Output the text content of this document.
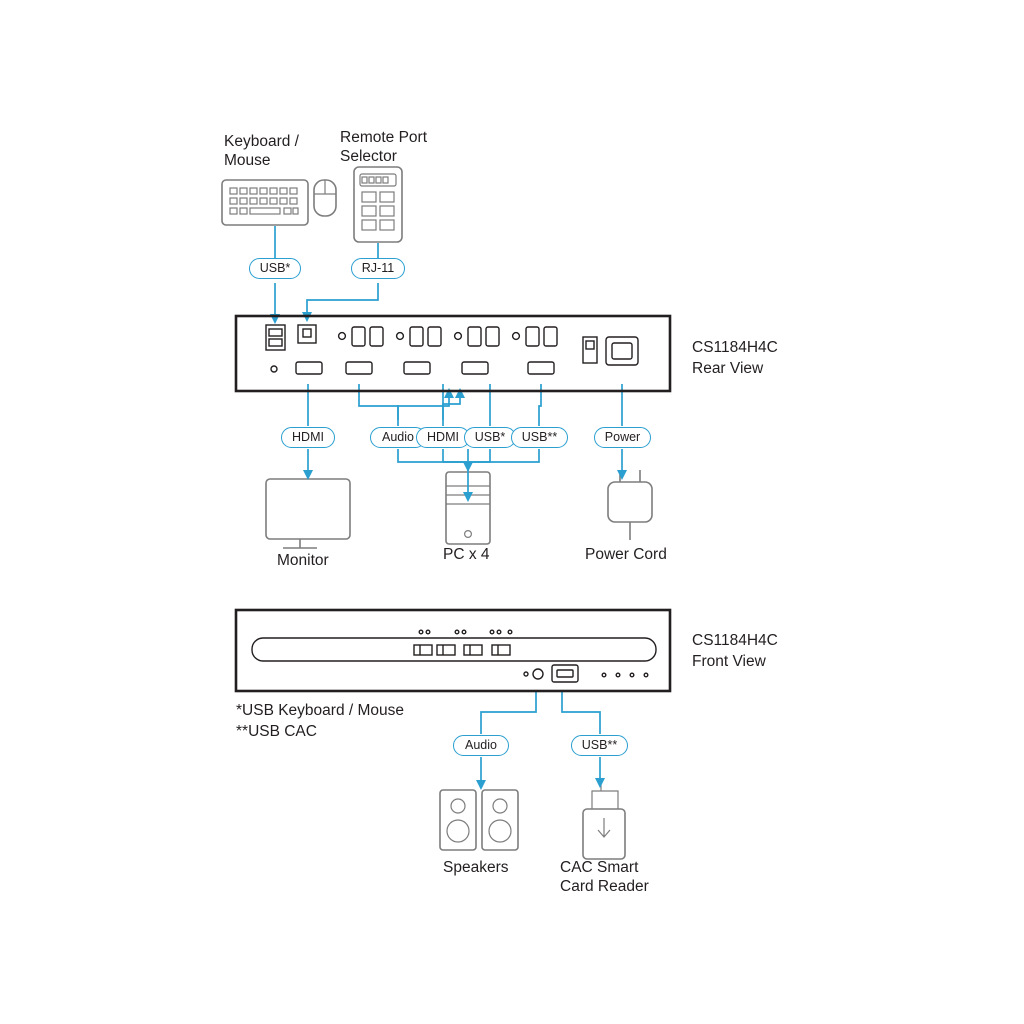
Keyboard /
Mouse
Remote Port
Selector
CS1184H4C
Rear View
CS1184H4C
Front View
Monitor	PC x 4	Power Cord
Speakers	CAC Smart
Card Reader
*USB Keyboard / Mouse
**USB CAC
USB*	RJ-11
HDMI	Audio	HDMI	USB*	USB**	Power
Audio	USB**
